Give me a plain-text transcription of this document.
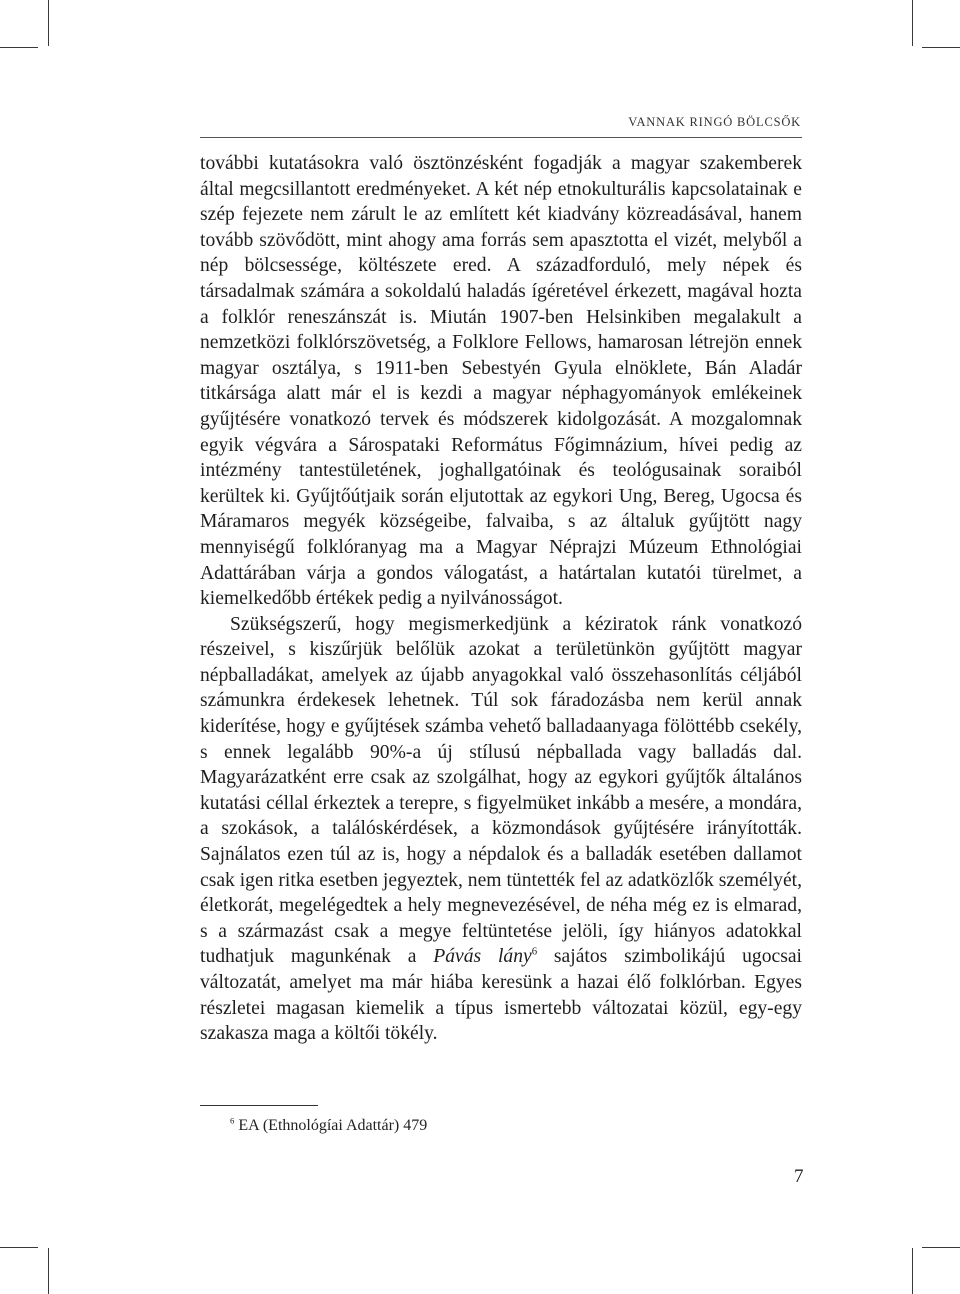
VANNAK RINGÓ BÖLCSŐK

további kutatásokra való ösztönzésként fogadják a magyar szakemberek által megcsillantott eredményeket. A két nép etnokulturális kapcsolatainak e szép fejezete nem zárult le az említett két kiadvány közreadásával, hanem tovább szövődött, mint ahogy ama forrás sem apasztotta el vizét, melyből a nép bölcsessége, költészete ered. A századforduló, mely népek és társadalmak számára a sokoldalú haladás ígéretével érkezett, magával hozta a folklór reneszánszát is. Miután 1907-ben Helsinkiben megalakult a nemzetközi folklórszövetség, a Folklore Fellows, hamarosan létrejön ennek magyar osztálya, s 1911-ben Sebestyén Gyula elnöklete, Bán Aladár titkársága alatt már el is kezdi a magyar néphagyományok emlékeinek gyűjtésére vonatkozó tervek és módszerek kidolgozását. A mozgalomnak egyik végvára a Sárospataki Református Főgimnázium, hívei pedig az intézmény tantestületének, joghallgatóinak és teológusainak soraiból kerültek ki. Gyűjtőútjaik során eljutottak az egykori Ung, Bereg, Ugocsa és Máramaros megyék községeibe, falvaiba, s az általuk gyűjtött nagy mennyiségű folklóranyag ma a Magyar Néprajzi Múzeum Ethnológiai Adattárában várja a gondos válogatást, a határtalan kutatói türelmet, a kiemelkedőbb értékek pedig a nyilvánosságot.

Szükségszerű, hogy megismerkedjünk a kéziratok ránk vonatkozó részeivel, s kiszűrjük belőlük azokat a területünkön gyűjtött magyar népballadákat, amelyek az újabb anyagokkal való összehasonlítás céljából számunkra érdekesek lehetnek. Túl sok fáradozásba nem kerül annak kiderítése, hogy e gyűjtések számba vehető balladaanyaga fölöttébb csekély, s ennek legalább 90%-a új stílusú népballada vagy balladás dal. Magyarázatként erre csak az szolgálhat, hogy az egykori gyűjtők általános kutatási céllal érkeztek a terepre, s figyelmüket inkább a mesére, a mondára, a szokások, a találóskérdések, a közmondások gyűjtésére irányították. Sajnálatos ezen túl az is, hogy a népdalok és a balladák esetében dallamot csak igen ritka esetben jegyeztek, nem tüntették fel az adatközlők személyét, életkorát, megelégedtek a hely megnevezésével, de néha még ez is elmarad, s a származást csak a megye feltüntetése jelöli, így hiányos adatokkal tudhatjuk magunkénak a Pávás lány$^6$ sajátos szimbolikájú ugocsai változatát, amelyet ma már hiába keresünk a hazai élő folklórban. Egyes részletei magasan kiemelik a típus ismertebb változatai közül, egy-egy szakasza maga a költői tökély.

$^6$ EA (Ethnológíai Adattár) 479
7
